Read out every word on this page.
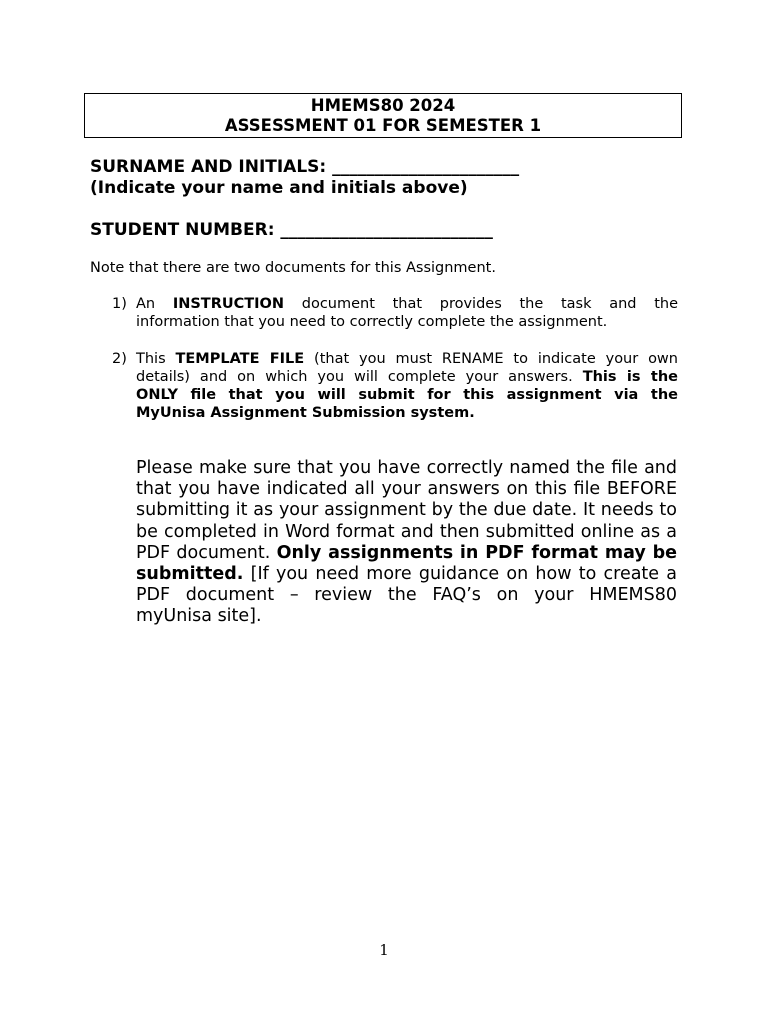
HMEMS80 2024
ASSESSMENT 01 FOR SEMESTER 1
SURNAME AND INITIALS: ______________________
(Indicate your name and initials above)
STUDENT NUMBER: _________________________
Note that there are two documents for this Assignment.
1) An INSTRUCTION document that provides the task and the
information that you need to correctly complete the assignment.
2) This TEMPLATE FILE (that you must RENAME to indicate your own
details) and on which you will complete your answers. This is the
ONLY file that you will submit for this assignment via the
MyUnisa Assignment Submission system.
Please make sure that you have correctly named the file and
that you have indicated all your answers on this file BEFORE
submitting it as your assignment by the due date. It needs to
be completed in Word format and then submitted online as a
PDF document. Only assignments in PDF format may be
submitted. [If you need more guidance on how to create a
PDF document – review the FAQ’s on your HMEMS80
myUnisa site].
1
